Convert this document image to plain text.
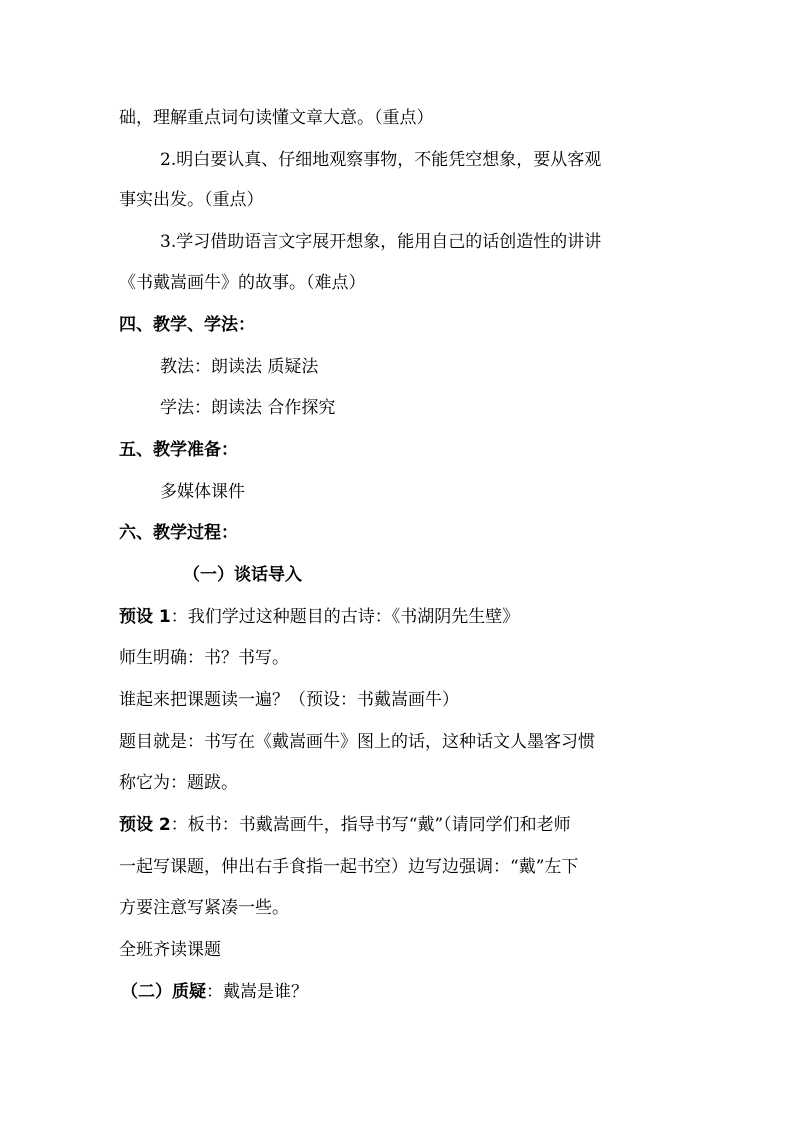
础，理解重点词句读懂文章大意。（重点）
2.明白要认真、仔细地观察事物，不能凭空想象，要从客观
事实出发。（重点）
3.学习借助语言文字展开想象，能用自己的话创造性的讲讲
《书戴嵩画牛》的故事。（难点）
四、教学、学法：
教法：朗读法 质疑法
学法：朗读法 合作探究
五、教学准备：
多媒体课件
六、教学过程：
（一）谈话导入
预设 1：我们学过这种题目的古诗：《书湖阴先生壁》
师生明确：书？书写。
谁起来把课题读一遍？（预设：书戴嵩画牛）
题目就是：书写在《戴嵩画牛》图上的话，这种话文人墨客习惯
称它为：题跋。
预设 2：板书：书戴嵩画牛，指导书写“戴”（请同学们和老师
一起写课题，伸出右手食指一起书空）边写边强调：“戴”左下
方要注意写紧凑一些。
全班齐读课题
（二）质疑：戴嵩是谁？
